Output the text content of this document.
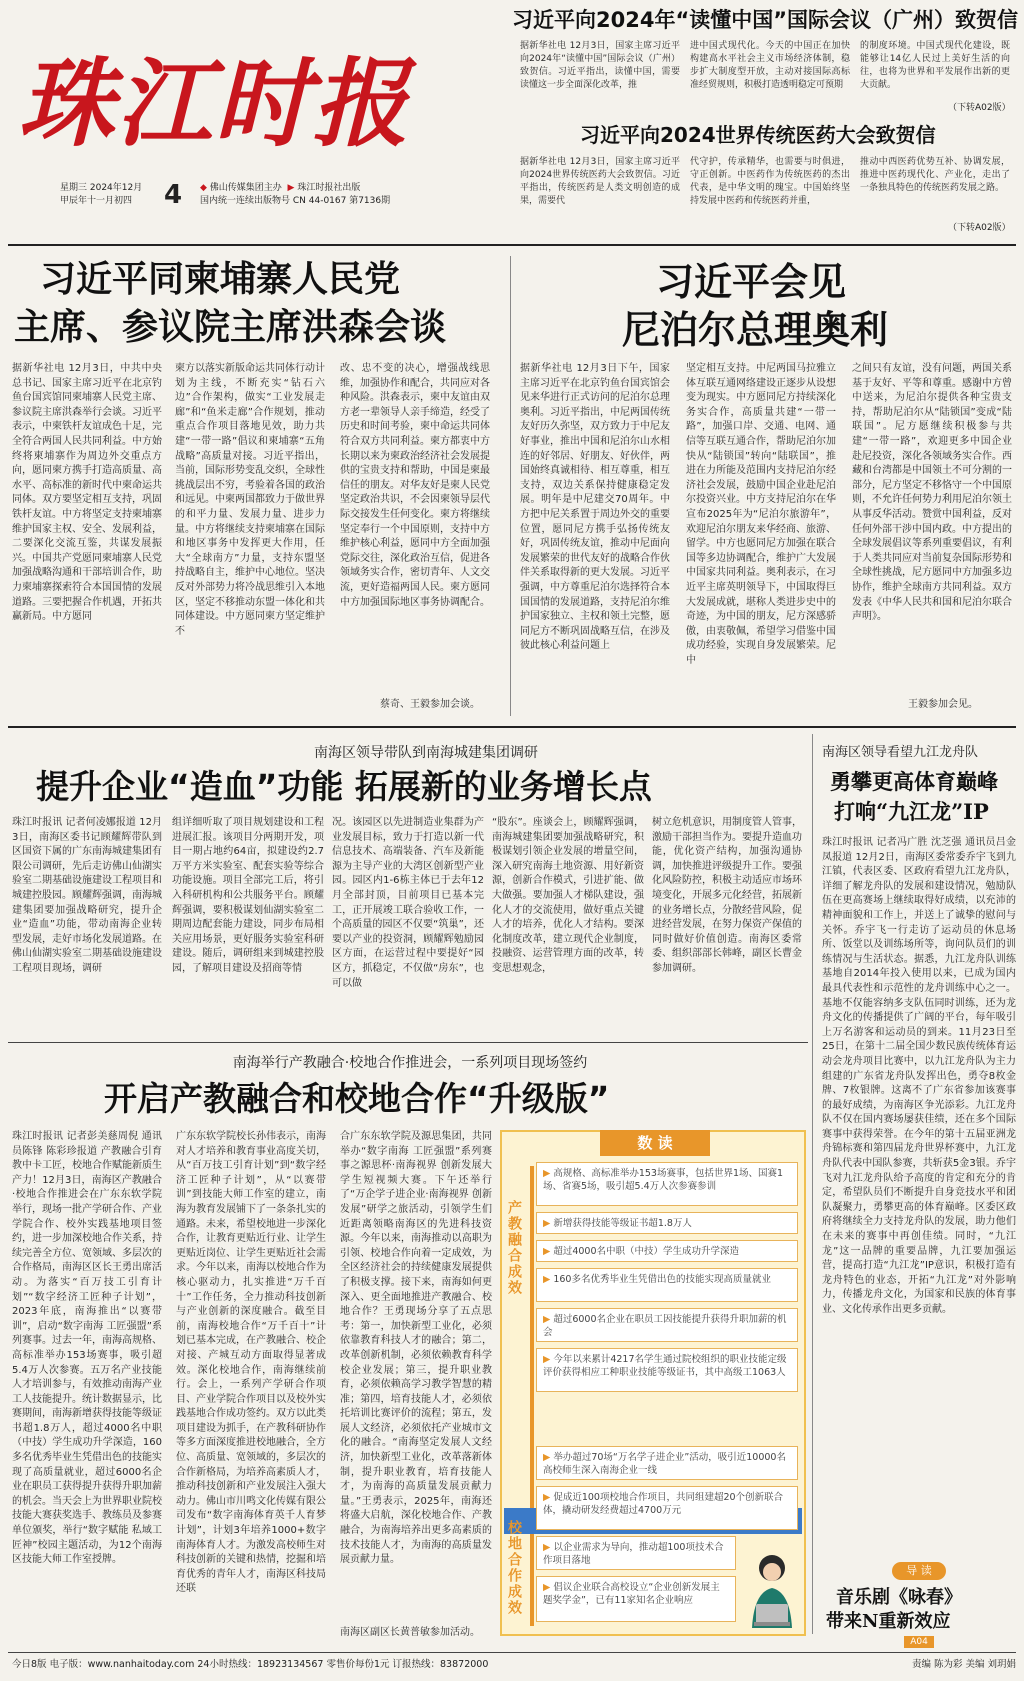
珠江时报
星期三 2024年12月
甲辰年十一月初四	4 ◆ 佛山传媒集团主办 ▶ 珠江时报社出版
国内统一连续出版物号 CN 44-0167 第7136期
习近平向2024年“读懂中国”国际会议（广州）致贺信
据新华社电 12月3日，国家主席习近平向2024年“读懂中国”国际会议（广州）致贺信。习近平指出，读懂中国，需要读懂这一步全面深化改革，推
进中国式现代化。今天的中国正在加快构建高水平社会主义市场经济体制，稳步扩大制度型开放，主动对接国际高标准经贸规则，积极打造透明稳定可预期
的制度环境。中国式现代化建设，既能够让14亿人民过上美好生活的向往，也将为世界和平发展作出新的更大贡献。
（下转A02版）
习近平向2024世界传统医药大会致贺信
据新华社电 12月3日，国家主席习近平向2024世界传统医药大会致贺信。习近平指出，传统医药是人类文明创造的成果，需要代
代守护，传承精华，也需要与时俱进，守正创新。中医药作为传统医药的杰出代表，是中华文明的瑰宝。中国始终坚持发展中医药和传统医药并重，
推动中西医药优势互补、协调发展，推进中医药现代化、产业化，走出了一条独具特色的传统医药发展之路。
（下转A02版）
习近平同柬埔寨人民党
主席、参议院主席洪森会谈
据新华社电 12月3日，中共中央总书记、国家主席习近平在北京钓鱼台国宾馆同柬埔寨人民党主席、参议院主席洪森举行会谈。习近平表示，中柬铁杆友谊成色十足，完全符合两国人民共同利益。中方始终将柬埔寨作为周边外交重点方向，愿同柬方携手打造高质量、高水平、高标准的新时代中柬命运共同体。双方要坚定相互支持，巩固铁杆友谊。中方将坚定支持柬埔寨维护国家主权、安全、发展利益，二要深化交流互鉴，共谋发展振兴。中国共产党愿同柬埔寨人民党加强战略沟通和干部培训合作，助力柬埔寨探索符合本国国情的发展道路。三要把握合作机遇，开拓共赢新局。中方愿同
柬方以落实新版命运共同体行动计划为主线，不断充实“钻石六边”合作架构，做实“工业发展走廊”和“鱼米走廊”合作规划，推动重点合作项目落地见效，助力共建“一带一路”倡议和柬埔寨“五角战略”高质量对接。习近平指出，当前，国际形势变乱交织，全球性挑战层出不穷，考验着各国的政治和远见。中柬两国都致力于做世界的和平力量、发展力量、进步力量。中方将继续支持柬埔寨在国际和地区事务中发挥更大作用，任大“全球南方”力量，支持东盟坚持战略自主，维护中心地位。坚决反对外部势力将冷战思维引入本地区，坚定不移推动东盟一体化和共同体建设。中方愿同柬方坚定维护不
改、忠不变的决心，增强战线思维，加强协作和配合，共同应对各种风险。洪森表示，柬中友谊由双方老一辈领导人亲手缔造，经受了历史和时间考验，柬中命运共同体符合双方共同利益。柬方都衷中方长期以来为柬政治经济社会发展提供的宝贵支持和帮助，中国是柬最信任的朋友。对华友好是柬人民党坚定政治共识，不会因柬领导层代际交接发生任何变化。柬方将继续坚定奉行一个中国原则，支持中方维护核心利益，愿同中方全面加强党际交往，深化政治互信，促进各领域务实合作，密切青年、人文交流，更好造福两国人民。柬方愿同中方加强国际地区事务协调配合。
蔡奇、王毅参加会谈。
习近平会见
尼泊尔总理奥利
据新华社电 12月3日下午，国家主席习近平在北京钓鱼台国宾馆会见来华进行正式访问的尼泊尔总理奥利。习近平指出，中尼两国传统友好历久弥坚，双方致力于中尼友好事业，推出中国和尼泊尔山水相连的好邻居、好朋友、好伙伴，两国始终真诚相待、相互尊重，相互支持，双边关系保持健康稳定发展。明年是中尼建交70周年。中方把中尼关系置于周边外交的重要位置，愿同尼方携手弘扬传统友好，巩固传统友谊，推动中尼面向发展繁荣的世代友好的战略合作伙伴关系取得新的更大发展。习近平强调，中方尊重尼泊尔选择符合本国国情的发展道路，支持尼泊尔维护国家独立、主权和领土完整，愿同尼方不断巩固战略互信，在涉及彼此核心利益问题上
坚定相互支持。中尼两国马拉雅立体互联互通网络建设正逐步从设想变为现实。中方愿同尼方持续深化务实合作，高质量共建“一带一路”，加强口岸、交通、电网、通信等互联互通合作，帮助尼泊尔加快从“陆锁国”转向“陆联国”，推进在力所能及范围内支持尼泊尔经济社会发展，鼓励中国企业赴尼泊尔投资兴业。中方支持尼泊尔在华宣布2025年为“尼泊尔旅游年”，欢迎尼泊尔朋友来华经商、旅游、留学。中方也愿同尼方加强在联合国等多边协调配合，维护广大发展中国家共同利益。奥利表示，在习近平主席英明领导下，中国取得巨大发展成就，堪称人类进步史中的奇迹，为中国的朋友，尼方深感骄傲，由衷敬佩，希望学习借鉴中国成功经验，实现自身发展繁荣。尼中
之间只有友谊，没有问题，两国关系基于友好、平等和尊重。感谢中方曾中送来，为尼泊尔提供各种宝贵支持，帮助尼泊尔从“陆锁国”变成“陆联国”。尼方愿继续积极参与共建“一带一路”，欢迎更多中国企业赴尼投资，深化各领域务实合作。西藏和台湾都是中国领土不可分割的一部分，尼方坚定不移恪守一个中国原则，不允许任何势力利用尼泊尔领土从事反华活动。赞赏中国利益，反对任何外部干涉中国内政。中方提出的全球发展倡议等系列重要倡议，有利于人类共同应对当前复杂国际形势和全球性挑战，尼方愿同中方加强多边协作，维护全球南方共同利益。双方发表《中华人民共和国和尼泊尔联合声明》。
王毅参加会见。
南海区领导带队到南海城建集团调研
提升企业“造血”功能 拓展新的业务增长点
珠江时报讯 记者何凌娜报道 12月3日，南海区委书记顾耀辉带队到区国资下属的广东南海城建集团有限公司调研，先后走访佛山仙湖实验室二期基础设施建设工程项目和城建控股园。顾耀辉强调，南海城建集团要加强战略研究，提升企业“造血”功能，带动南海企业转型发展，走好市场化发展道路。在佛山仙湖实验室二期基础设施建设工程项目现场，调研
组详细听取了项目规划建设和工程进展汇报。该项目分两期开发，项目一期占地约64亩，拟建设约2.7万平方米实验室、配套实验等综合功能设施。项目全部完工后，将引入科研机构和公共服务平台。顾耀辉强调，要积极谋划仙湖实验室二期周边配套能力建设，同步布局相关应用场景，更好服务实验室科研建设。随后，调研组来到城建控股园，了解项目建设及招商等情
况。该园区以先进制造业集群为产业发展目标，致力于打造以新一代信息技术、高端装备、汽车及新能源为主导产业的大湾区创新型产业园。园区内1-6栋主体已于去年12月全部封顶，目前项目已基本完工，正开展竣工联合验收工作，一个高质量的园区不仅要“筑巢”，还要以产业的投资洞，顾耀辉勉励园区方面，在运营过程中要提好“园区方，抓稳定，不仅做“房东”，也可以做
“股东”。座谈会上，顾耀辉强调，南海城建集团要加强战略研究，积极谋划引领企业发展的增量空间，深入研究南海土地资源、用好新资源，创新合作模式，引进扩能、做大做强。要加强人才梯队建设，强化人才的交流使用，做好重点关键人才的培养，优化人才结构。要深化制度改革，建立现代企业制度，投融资、运营管理方面的改革，转变思想观念，
树立危机意识，用制度管人管事，激励干部担当作为。要提升造血功能，优化资产结构，加强沟通协调，加快推进评级提升工作。要强化风险防控，积极主动适应市场环境变化，开展多元化经营，拓展新的业务增长点，分散经营风险，促进经营发展，在努力保资产保值的同时做好价值创造。南海区委常委、组织部部长韩峰，副区长曹金参加调研。
南海举行产教融合·校地合作推进会，一系列项目现场签约
开启产教融合和校地合作“升级版”
珠江时报讯 记者彭美慈周倪 通讯员陈锋 陈彩珍报道 产教融合引育教中卡工匠，校地合作赋能新质生产力！12月3日，南海区产教融合·校地合作推进会在广东东软学院举行，现场一批产学研合作、产业学院合作、校外实践基地项目签约，进一步加深校地合作关系，持续完善全方位、宽领域、多层次的合作格局，南海区区长王勇出席活动。为落实“百万技工引育计划”“数字经济工匠种子计划”，2023年底，南海推出“以赛带训”，启动“数字南海 工匠强盟”系列赛事。过去一年，南海高规格、高标准举办153场赛事，吸引超5.4万人次参赛。五万名产业技能人才培训参与，有效推动南海产业工人技能提升。统计数据显示，比赛期间，南海新增获得技能等级证书超1.8万人，超过4000名中职（中技）学生成功升学深造，160多名优秀毕业生凭借出色的技能实现了高质量就业，超过6000名企业在职员工获得提升获得升职加薪的机会。当天会上为世界职业院校技能大赛获奖选手、教练员及参赛单位颁奖，举行“数字赋能 私域工匠神”校园主题活动，为12个南海区技能大师工作室授牌。
广东东软学院校长孙伟表示，南海对人才培养和教育事业高度关切，从“百万技工引育计划”到“数字经济工匠种子计划”，从“以赛带训”到技能大师工作室的建立，南海为教育发展铺下了一条条扎实的通路。未来，希望校地进一步深化合作，让教育更贴近行业、让学生更贴近岗位、让学生更贴近社会需求。今年以来，南海以校地合作为核心驱动力，扎实推进“万千百十”工作任务，全力推动科技创新与产业创新的深度融合。截至目前，南海校地合作“万千百十”计划已基本完成，在产教融合、校企对接、产城互动方面取得显著成效。深化校地合作，南海继续前行。会上，一系列产学研合作项目、产业学院合作项目以及校外实践基地合作成功签约。双方以此类项目建设为抓手，在产教科研协作等多方面深度推进校地融合，全方位、高质量、宽领域的，多层次的合作新格局，为培养高素质人才，推动科技创新和产业发展注入强大动力。佛山市川鸣文化传媒有限公司发布“数字南海体育英千人育梦计划”，计划3年培养1000+数字南海体育人才。为激发高校师生对科技创新的关键和热情，挖掘和培育优秀的青年人才，南海区科技局还联
合广东东软学院及源思集团，共同举办“数字南海 工匠强盟”系列赛事之源思杯·南海视界 创新发展大学生短视频大赛。下午还举行了“万企学子进企业·南海视界 创新发展”研学之旅活动，引领学生们近距离领略南海区的先进科技资源。今年以来，南海推动以高职为引领、校地合作向着一定成效，为全区经济社会的持续健康发展提供了积极支撑。接下来，南海如何更深入、更全面地推进产教融合、校地合作？王勇现场分享了五点思考：第一，加快新型工业化，必须依靠教育科技人才的融合；第二，改革创新机制，必须依赖教育科学校企业发展；第三，提升职业教育，必须依赖高学习教学智慧的精准；第四，培育技能人才，必须依托培训比赛评价的流程；第五，发展人文经济，必须依托产业城市文化的融合。“南海坚定发展人文经济，加快新型工业化，改革落新体制，提升职业教育，培育技能人才，为南海的高质量发展贡献力量。”王勇表示，2025年，南海还将盛大启航，深化校地合作、产教融合，为南海培养出更多高素质的技术技能人才，为南海的高质量发展贡献力量。
南海区副区长黄普敏参加活动。
数 读
产教融合成效
校地合作成效
▶ 高规格、高标准举办153场赛事，包括世界1场、国赛1场、省赛5场，吸引超5.4万人次参赛参训
▶ 新增获得技能等级证书超1.8万人
▶ 超过4000名中职（中技）学生成功升学深造
▶ 160多名优秀毕业生凭借出色的技能实现高质量就业
▶ 超过6000名企业在职员工因技能提升获得升职加薪的机会
▶ 今年以来累计4217名学生通过院校组织的职业技能定级评价获得相应工种职业技能等级证书，其中高级工1063人
▶ 举办超过70场“万名学子进企业”活动，吸引近10000名高校师生深入南海企业一线
▶ 促成近100项校地合作项目，共同组建超20个创新联合体，撬动研发经费超过4700万元
▶ 以企业需求为导向，推动超100项技术合作项目落地
▶ 倡议企业联合高校设立“企业创新发展主题奖学金”，已有11家知名企业响应
南海区领导看望九江龙舟队
勇攀更高体育巅峰
打响“九江龙”IP
珠江时报讯 记者冯广胜 沈芝强 通讯员吕金凤报道 12月2日，南海区委常委乔宇飞到九江镇，代表区委、区政府看望九江龙舟队，详细了解龙舟队的发展和建设情况，勉励队伍在更高赛场上继续取得好成绩，以充沛的精神面貌和工作上，并送上了诚挚的慰问与关怀。乔宇飞一行走访了运动员的休息场所、饭堂以及训练场所等，询问队员们的训练情况与生活状态。据悉，九江龙舟队训练基地自2014年投入使用以来，已成为国内最具代表性和示范性的龙舟训练中心之一。基地不仅能容纳多支队伍同时训练，还为龙舟文化的传播提供了广阔的平台，每年吸引上万名游客和运动员的到来。11月23日至25日，在第十二届全国少数民族传统体育运动会龙舟项目比赛中，以九江龙舟队为主力组建的广东省龙舟队发挥出色，勇夺8枚金牌、7枚银牌。这离不了广东省参加该赛事的最好成绩，为南海区争光添彩。九江龙舟队不仅在国内赛场屡获佳绩，还在多个国际赛事中获得荣誉。在今年的第十五届亚洲龙舟锦标赛和第四届龙舟世界杯赛中，九江龙舟队代表中国队参赛，共斩获5金3银。乔宇飞对九江龙舟队给予高度的肯定和充分的肯定，希望队员们不断提升自身竞技水平和团队凝聚力，勇攀更高的体育巅峰。区委区政府将继续全力支持龙舟队的发展，助力他们在未来的赛事中再创佳绩。同时，“九江龙”这一品牌的重要品牌，九江要加强运营，提高打造“九江龙”IP意识，积极打造有龙舟特色的业态，开拓“九江龙”对外影响力，传播龙舟文化，为国家和民族的体育事业、文化传承作出更多贡献。
导 读
音乐剧《咏春》
带来N重新效应
A04
今日8版 电子版：www.nanhaitoday.com 24小时热线：18923134567 零售价每份1元 订报热线：83872000	责编 陈为彩 美编 刘玥娟
